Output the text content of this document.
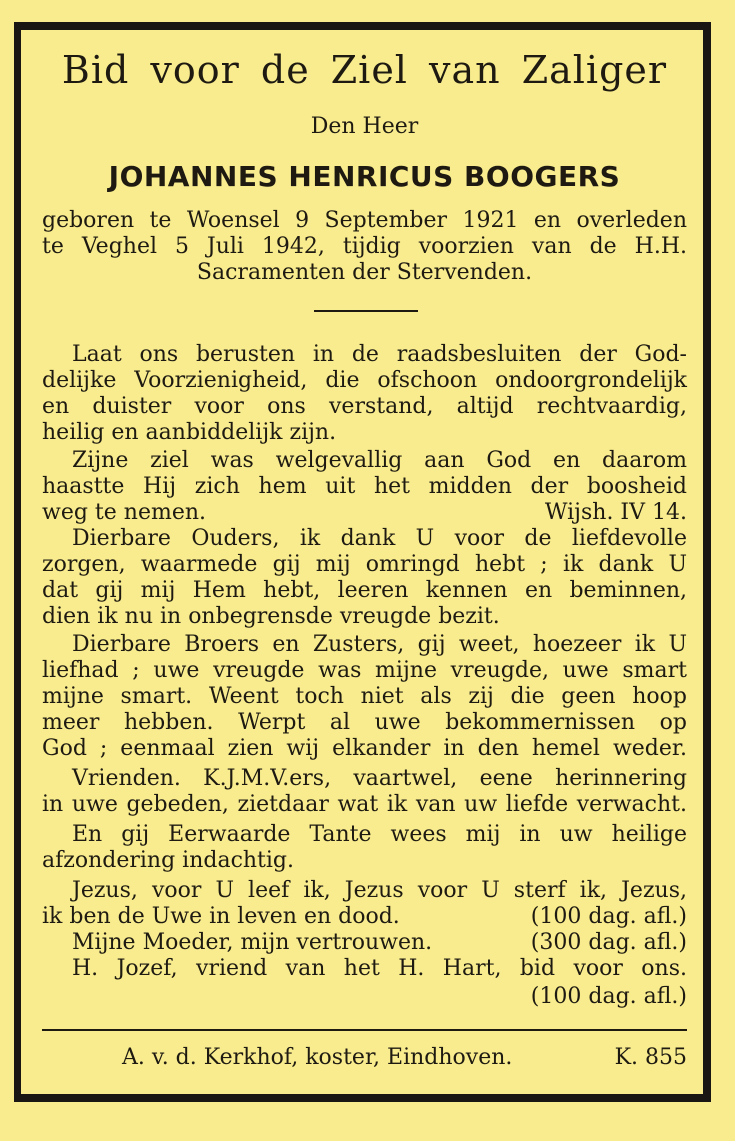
Bid voor de Ziel van Zaliger
Den Heer
JOHANNES HENRICUS BOOGERS
geboren te Woensel 9 September 1921 en overleden
te Veghel 5 Juli 1942, tijdig voorzien van de H.H.
Sacramenten der Stervenden.
Laat ons berusten in de raadsbesluiten der God-
delijke Voorzienigheid, die ofschoon ondoorgrondelijk
en duister voor ons verstand, altijd rechtvaardig,
heilig en aanbiddelijk zijn.
Zijne ziel was welgevallig aan God en daarom
haastte Hij zich hem uit het midden der boosheid
weg te nemen.	Wijsh. IV 14.
Dierbare Ouders, ik dank U voor de liefdevolle
zorgen, waarmede gij mij omringd hebt ; ik dank U
dat gij mij Hem hebt, leeren kennen en beminnen,
dien ik nu in onbegrensde vreugde bezit.
Dierbare Broers en Zusters, gij weet, hoezeer ik U
liefhad ; uwe vreugde was mijne vreugde, uwe smart
mijne smart. Weent toch niet als zij die geen hoop
meer hebben. Werpt al uwe bekommernissen op
God ; eenmaal zien wij elkander in den hemel weder.
Vrienden. K.J.M.V.ers, vaartwel, eene herinnering
in uwe gebeden, zietdaar wat ik van uw liefde verwacht.
En gij Eerwaarde Tante wees mij in uw heilige
afzondering indachtig.
Jezus, voor U leef ik, Jezus voor U sterf ik, Jezus,
ik ben de Uwe in leven en dood.	(100 dag. afl.)
Mijne Moeder, mijn vertrouwen.	(300 dag. afl.)
H. Jozef, vriend van het H. Hart, bid voor ons.
(100 dag. afl.)
A. v. d. Kerkhof, koster, Eindhoven.	K. 855
